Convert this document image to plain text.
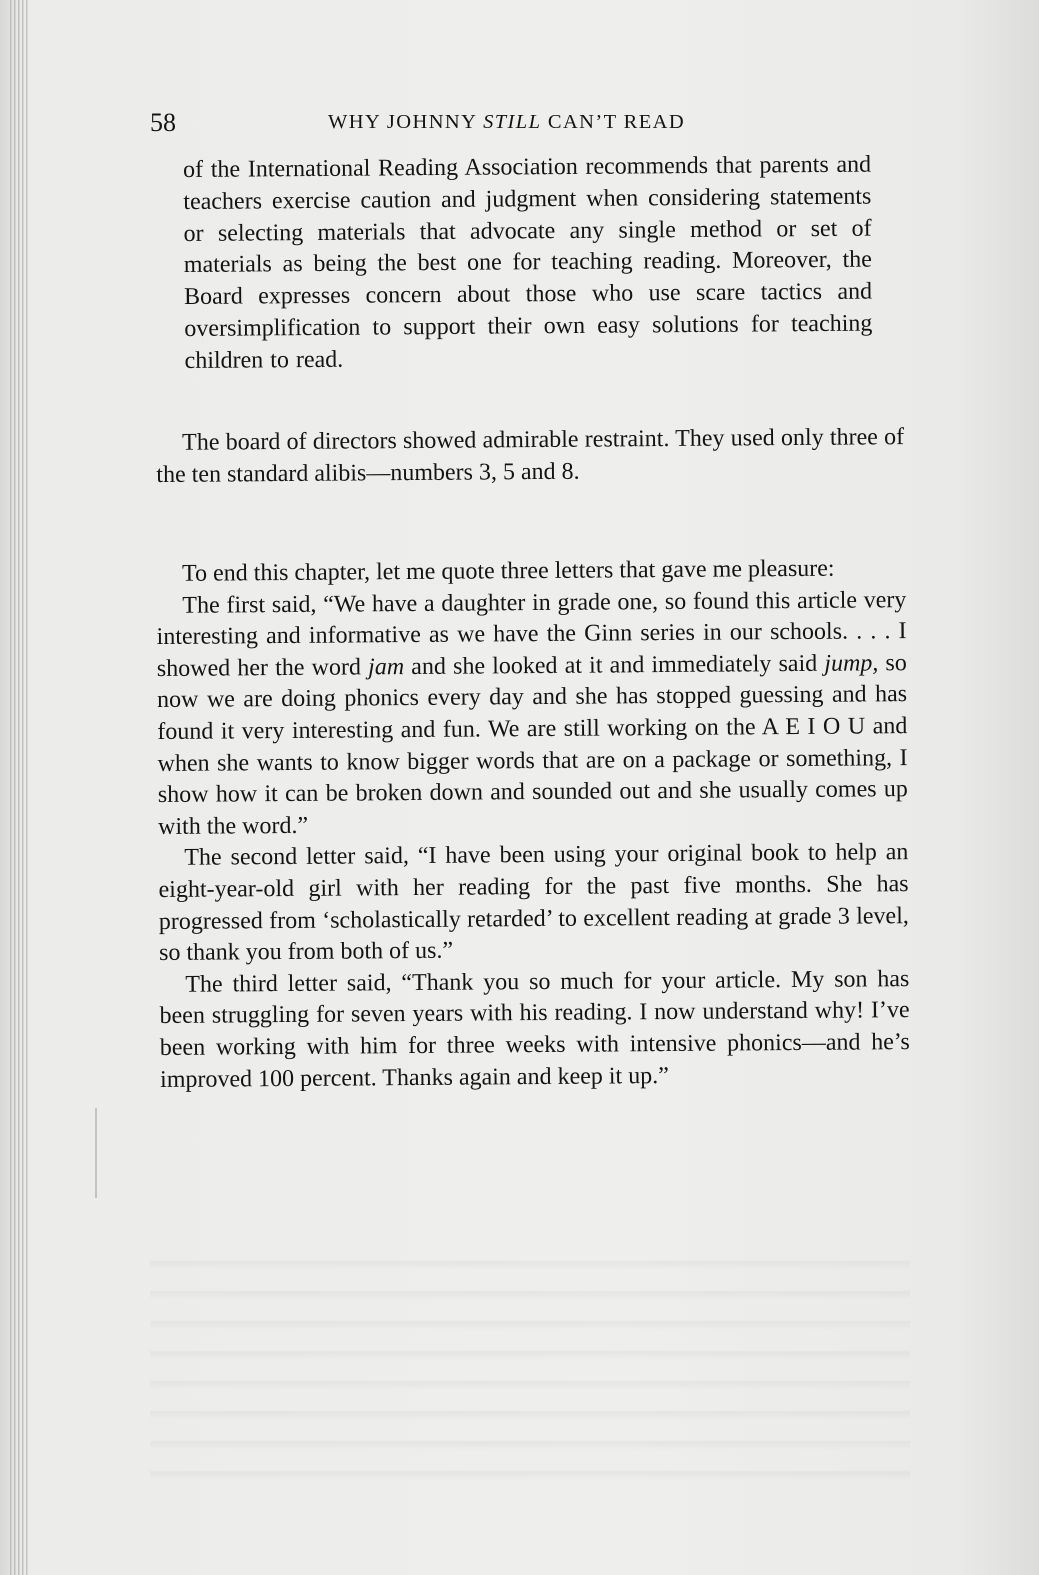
58	WHY JOHNNY STILL CAN’T READ

of the International Reading Association recommends that parents and teachers exercise caution and judgment when considering statements or selecting materials that advocate any single method or set of materials as being the best one for teaching reading. Moreover, the Board expresses concern about those who use scare tactics and oversimplification to support their own easy solutions for teaching children to read.

The board of directors showed admirable restraint. They used only three of the ten standard alibis—numbers 3, 5 and 8.

To end this chapter, let me quote three letters that gave me pleasure:

The first said, “We have a daughter in grade one, so found this article very interesting and informative as we have the Ginn series in our schools. . . . I showed her the word jam and she looked at it and immediately said jump, so now we are doing phonics every day and she has stopped guessing and has found it very interesting and fun. We are still working on the A E I O U and when she wants to know bigger words that are on a package or something, I show how it can be broken down and sounded out and she usually comes up with the word.”

The second letter said, “I have been using your original book to help an eight-year-old girl with her reading for the past five months. She has progressed from ‘scholastically retarded’ to excellent reading at grade 3 level, so thank you from both of us.”

The third letter said, “Thank you so much for your article. My son has been struggling for seven years with his reading. I now understand why! I’ve been working with him for three weeks with intensive phonics—and he’s improved 100 percent. Thanks again and keep it up.”
